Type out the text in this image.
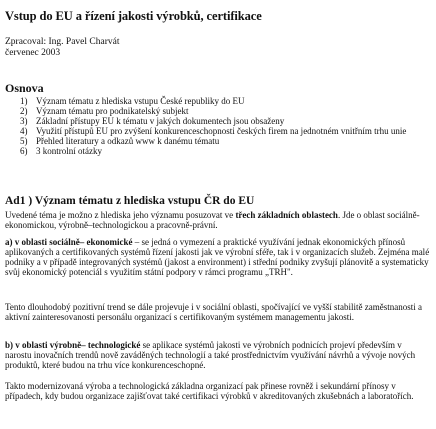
Vstup do EU a řízení jakosti výrobků, certifikace
Zpracoval: Ing. Pavel Charvát
červenec 2003
Osnova
1) Význam tématu z hlediska vstupu České republiky do EU
2) Význam tématu pro podnikatelský subjekt
3) Základní přístupy EU k tématu v jakých dokumentech jsou obsaženy
4) Využití přístupů EU pro zvýšení konkurenceschopnosti českých firem na jednotném vnitřním trhu unie
5) Přehled literatury a odkazů www k danému tématu
6) 3 kontrolní otázky
Ad1 ) Význam tématu z hlediska vstupu ČR do EU

Uvedené téma je možno z hlediska jeho významu posuzovat ve třech základních oblastech. Jde o oblast sociálně-ekonomickou, výrobně–technologickou a pracovně-právní.

a) v oblasti sociálně– ekonomické – se jedná o vymezení a praktické využívání jednak ekonomických přínosů aplikovaných a certifikovaných systémů řízení jakosti jak ve výrobní sféře, tak i v organizacích služeb. Zejména malé podniky a v případě integrovaných systémů (jakost a environment) i střední podniky zvyšují plánovitě a systematicky svůj ekonomický potenciál s využitím státní podpory v rámci programu „TRH".

Tento dlouhodobý pozitivní trend se dále projevuje i v sociální oblasti, spočívající ve vyšší stabilitě zaměstnanosti a aktivní zainteresovanosti personálu organizací s certifikovaným systémem managementu jakosti.

b) v oblasti výrobně– technologické se aplikace systémů jakosti ve výrobních podnicích projeví především v narostu inovačních trendů nově zaváděných technologií a také prostřednictvím využívání návrhů a vývoje nových produktů, které budou na trhu více konkurenceschopné.

Takto modernizovaná výroba a technologická základna organizací pak přinese rovněž i sekundární přínosy v případech, kdy budou organizace zajišťovat také certifikaci výrobků v akreditovaných zkušebnách a laboratořích.
